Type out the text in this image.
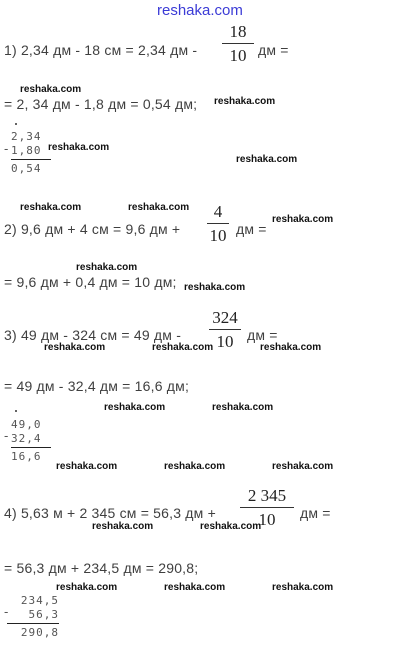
reshaka.com
1) 2,34 дм - 18 см = 2,34 дм -
18
10 дм =
reshaka.com
= 2, 34 дм - 1,8 дм = 0,54 дм; reshaka.com
-
2,34
1,80
0,54
reshaka.com
reshaka.com
reshaka.com	reshaka.com
2) 9,6 дм + 4 см = 9,6 дм +
4
10 дм =
reshaka.com
reshaka.com
= 9,6 дм + 0,4 дм = 10 дм; reshaka.com
3) 49 дм - 324 см = 49 дм -
324
10 дм =
reshaka.com	reshaka.com	reshaka.com
= 49 дм - 32,4 дм = 16,6 дм;
reshaka.com	reshaka.com
-
49,0
32,4
16,6
reshaka.com	reshaka.com	reshaka.com
4) 5,63 м + 2 345 см = 56,3 дм +
2 345
10	дм =
reshaka.com	reshaka.com
= 56,3 дм + 234,5 дм = 290,8;
reshaka.com	reshaka.com	reshaka.com
-
234,5
56,3
290,8
